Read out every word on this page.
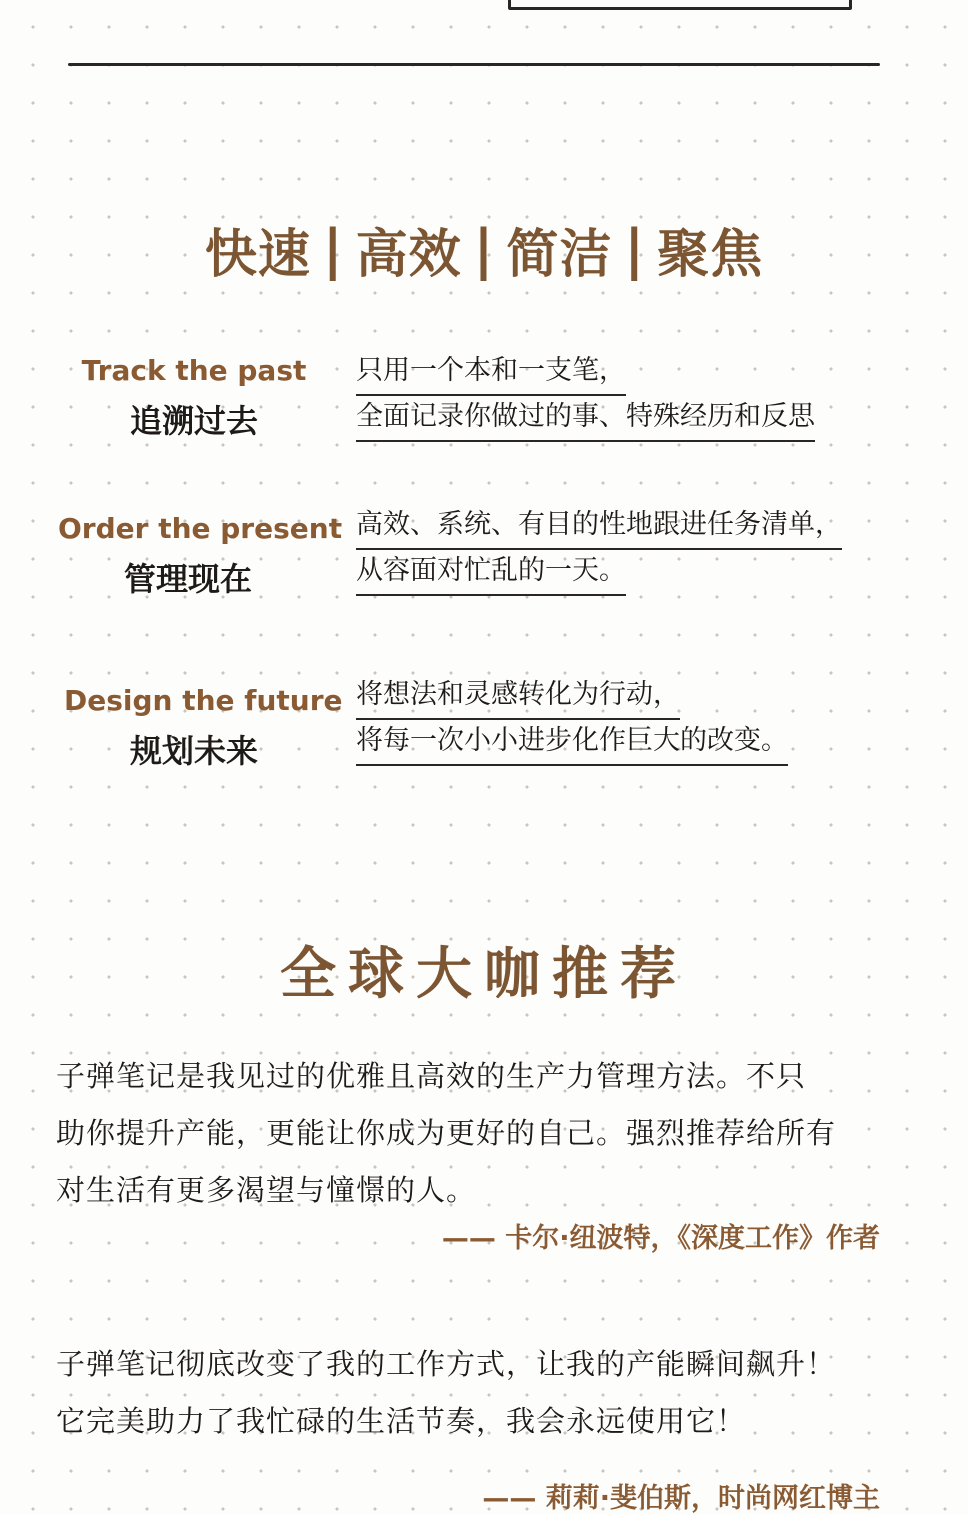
快速 | 高效 | 简洁 | 聚焦
Track the past
追溯过去
只用一个本和一支笔，
全面记录你做过的事、特殊经历和反思
Order the present
管理现在
高效、系统、有目的性地跟进任务清单，
从容面对忙乱的一天。
Design the future
规划未来
将想法和灵感转化为行动，
将每一次小小进步化作巨大的改变。
全球大咖推荐
子弹笔记是我见过的优雅且高效的生产力管理方法。不只
助你提升产能，更能让你成为更好的自己。强烈推荐给所有
对生活有更多渴望与憧憬的人。
—— 卡尔·纽波特，《深度工作》作者
子弹笔记彻底改变了我的工作方式，让我的产能瞬间飙升！
它完美助力了我忙碌的生活节奏，我会永远使用它！
—— 莉莉·斐伯斯，时尚网红博主
